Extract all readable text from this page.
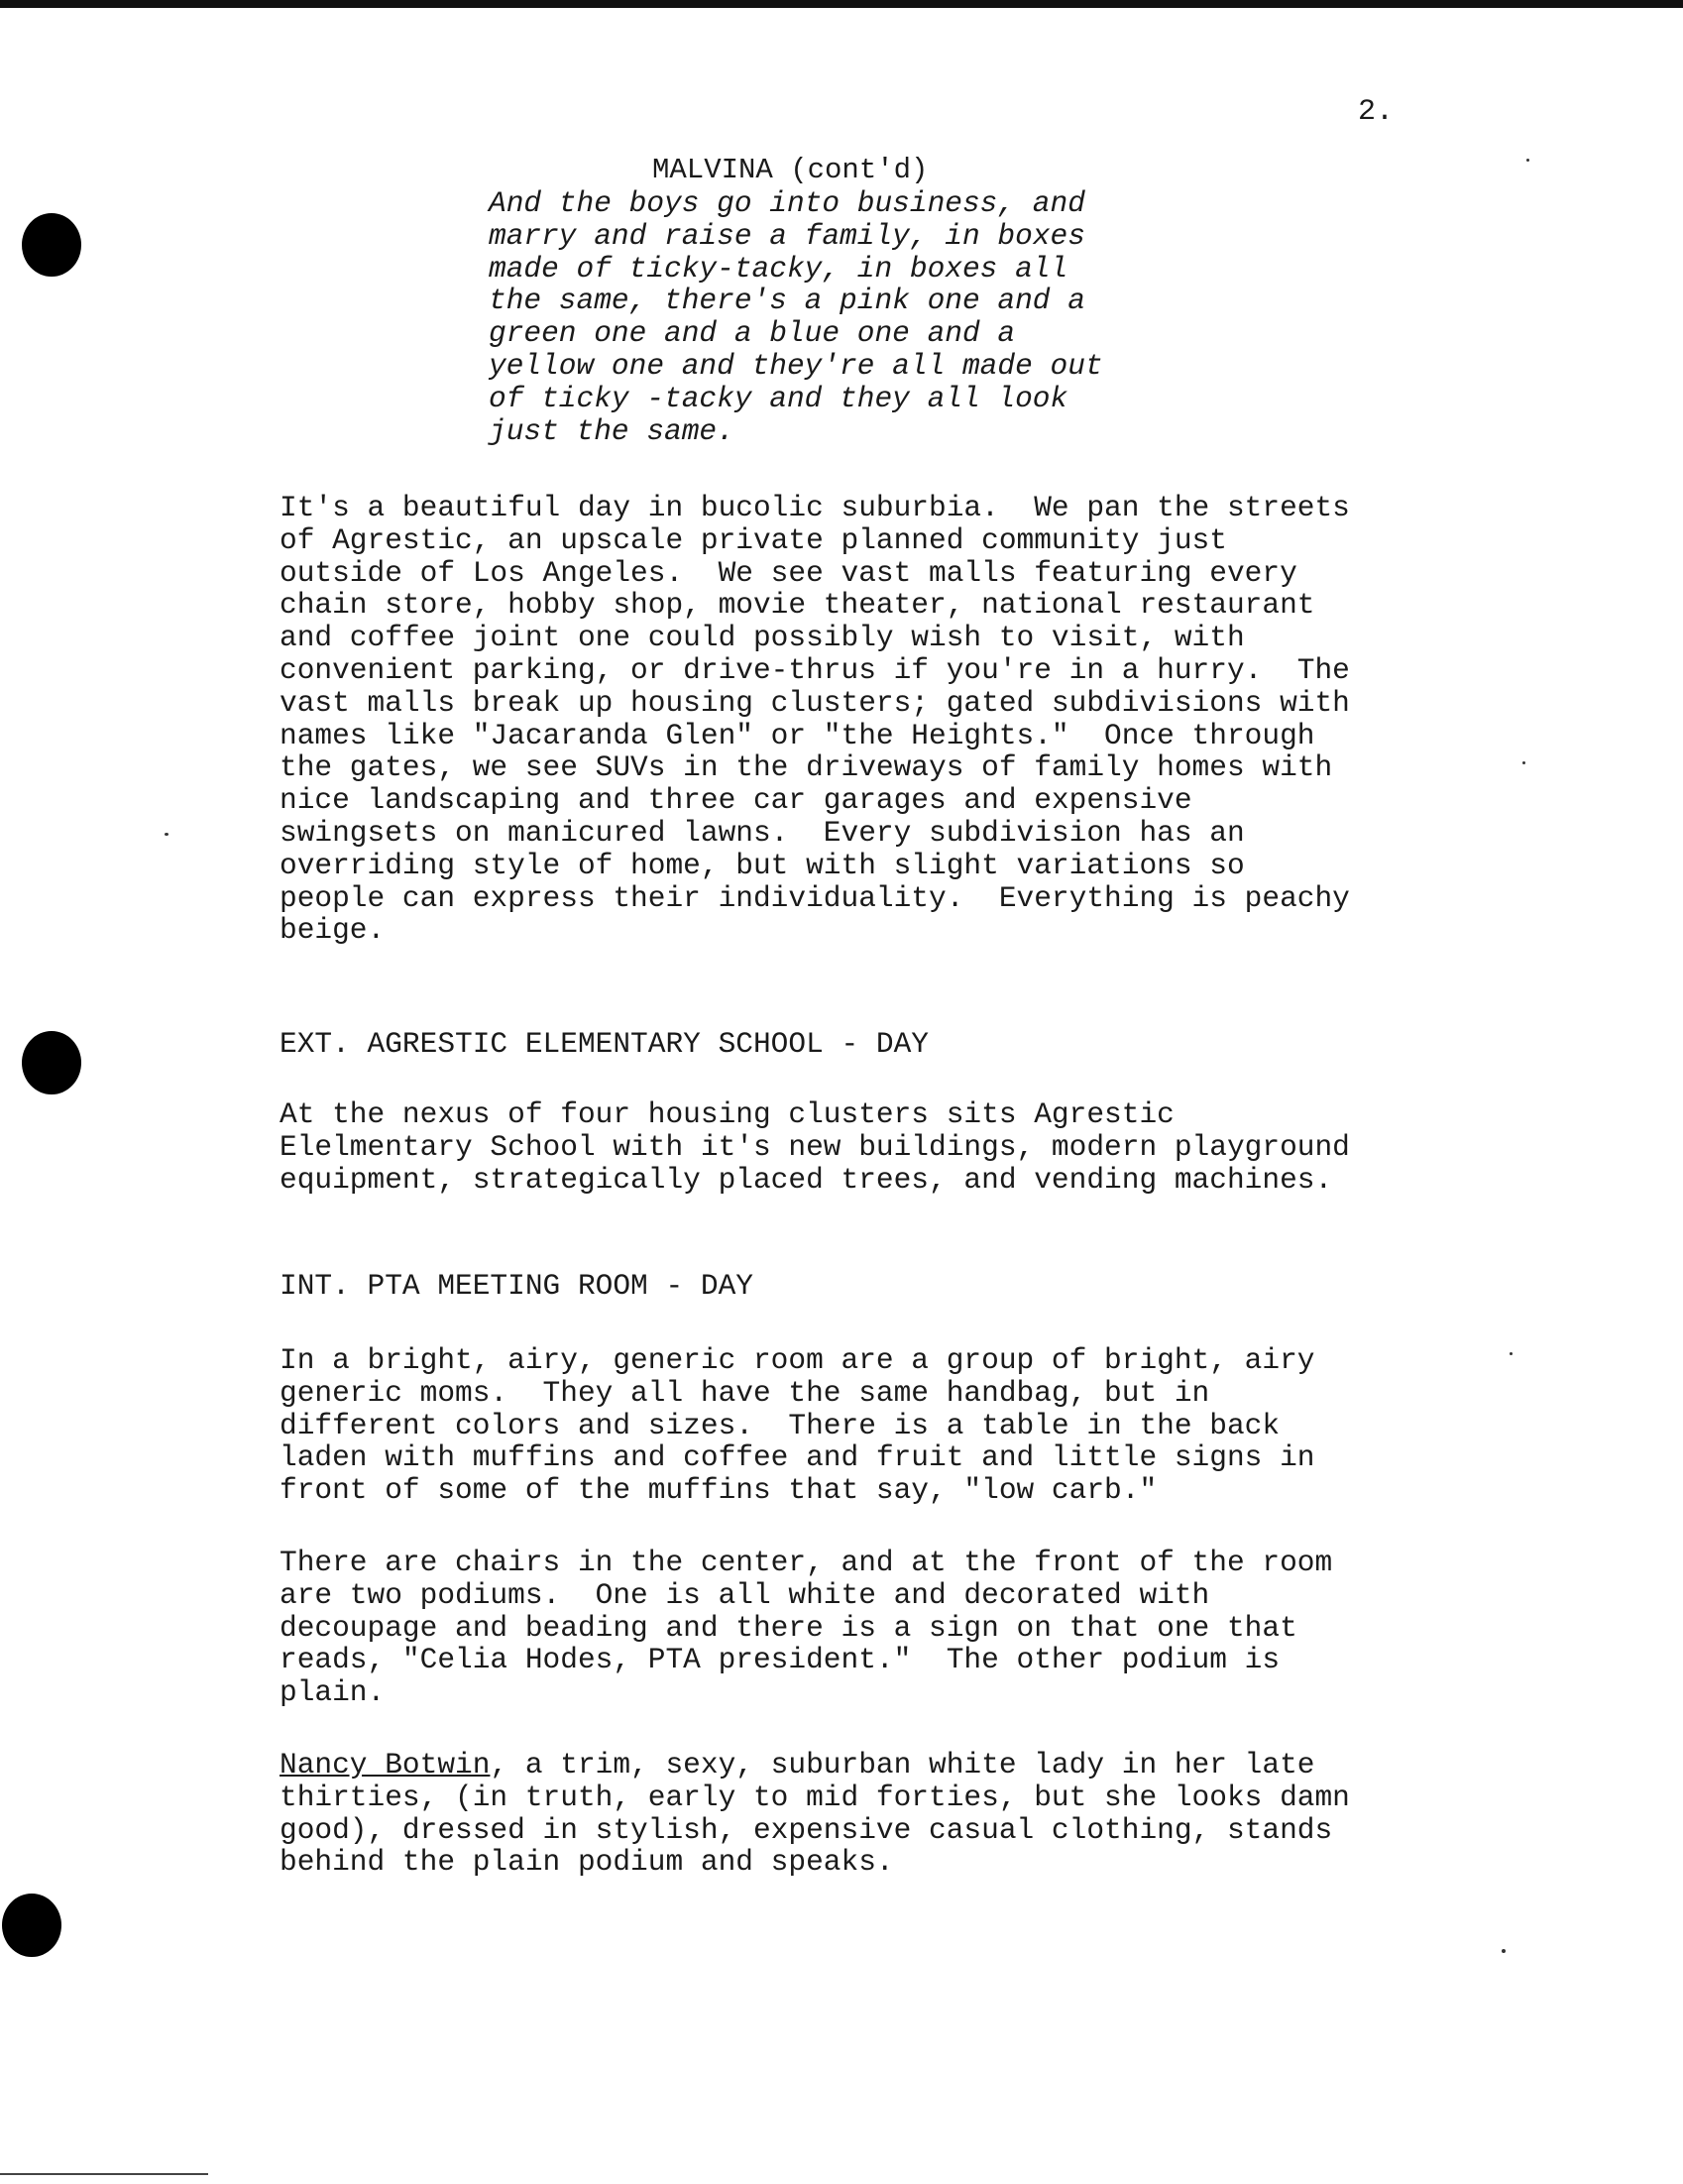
2.
MALVINA (cont'd)
And the boys go into business, and
marry and raise a family, in boxes
made of ticky-tacky, in boxes all
the same, there's a pink one and a
green one and a blue one and a
yellow one and they're all made out
of ticky -tacky and they all look
just the same.
It's a beautiful day in bucolic suburbia.  We pan the streets
of Agrestic, an upscale private planned community just
outside of Los Angeles.  We see vast malls featuring every
chain store, hobby shop, movie theater, national restaurant
and coffee joint one could possibly wish to visit, with
convenient parking, or drive-thrus if you're in a hurry.  The
vast malls break up housing clusters; gated subdivisions with
names like "Jacaranda Glen" or "the Heights."  Once through
the gates, we see SUVs in the driveways of family homes with
nice landscaping and three car garages and expensive
swingsets on manicured lawns.  Every subdivision has an
overriding style of home, but with slight variations so
people can express their individuality.  Everything is peachy
beige.
EXT. AGRESTIC ELEMENTARY SCHOOL - DAY
At the nexus of four housing clusters sits Agrestic
Elelmentary School with it's new buildings, modern playground
equipment, strategically placed trees, and vending machines.
INT. PTA MEETING ROOM - DAY
In a bright, airy, generic room are a group of bright, airy
generic moms.  They all have the same handbag, but in
different colors and sizes.  There is a table in the back
laden with muffins and coffee and fruit and little signs in
front of some of the muffins that say, "low carb."
There are chairs in the center, and at the front of the room
are two podiums.  One is all white and decorated with
decoupage and beading and there is a sign on that one that
reads, "Celia Hodes, PTA president."  The other podium is
plain.
Nancy Botwin, a trim, sexy, suburban white lady in her late
thirties, (in truth, early to mid forties, but she looks damn
good), dressed in stylish, expensive casual clothing, stands
behind the plain podium and speaks.
